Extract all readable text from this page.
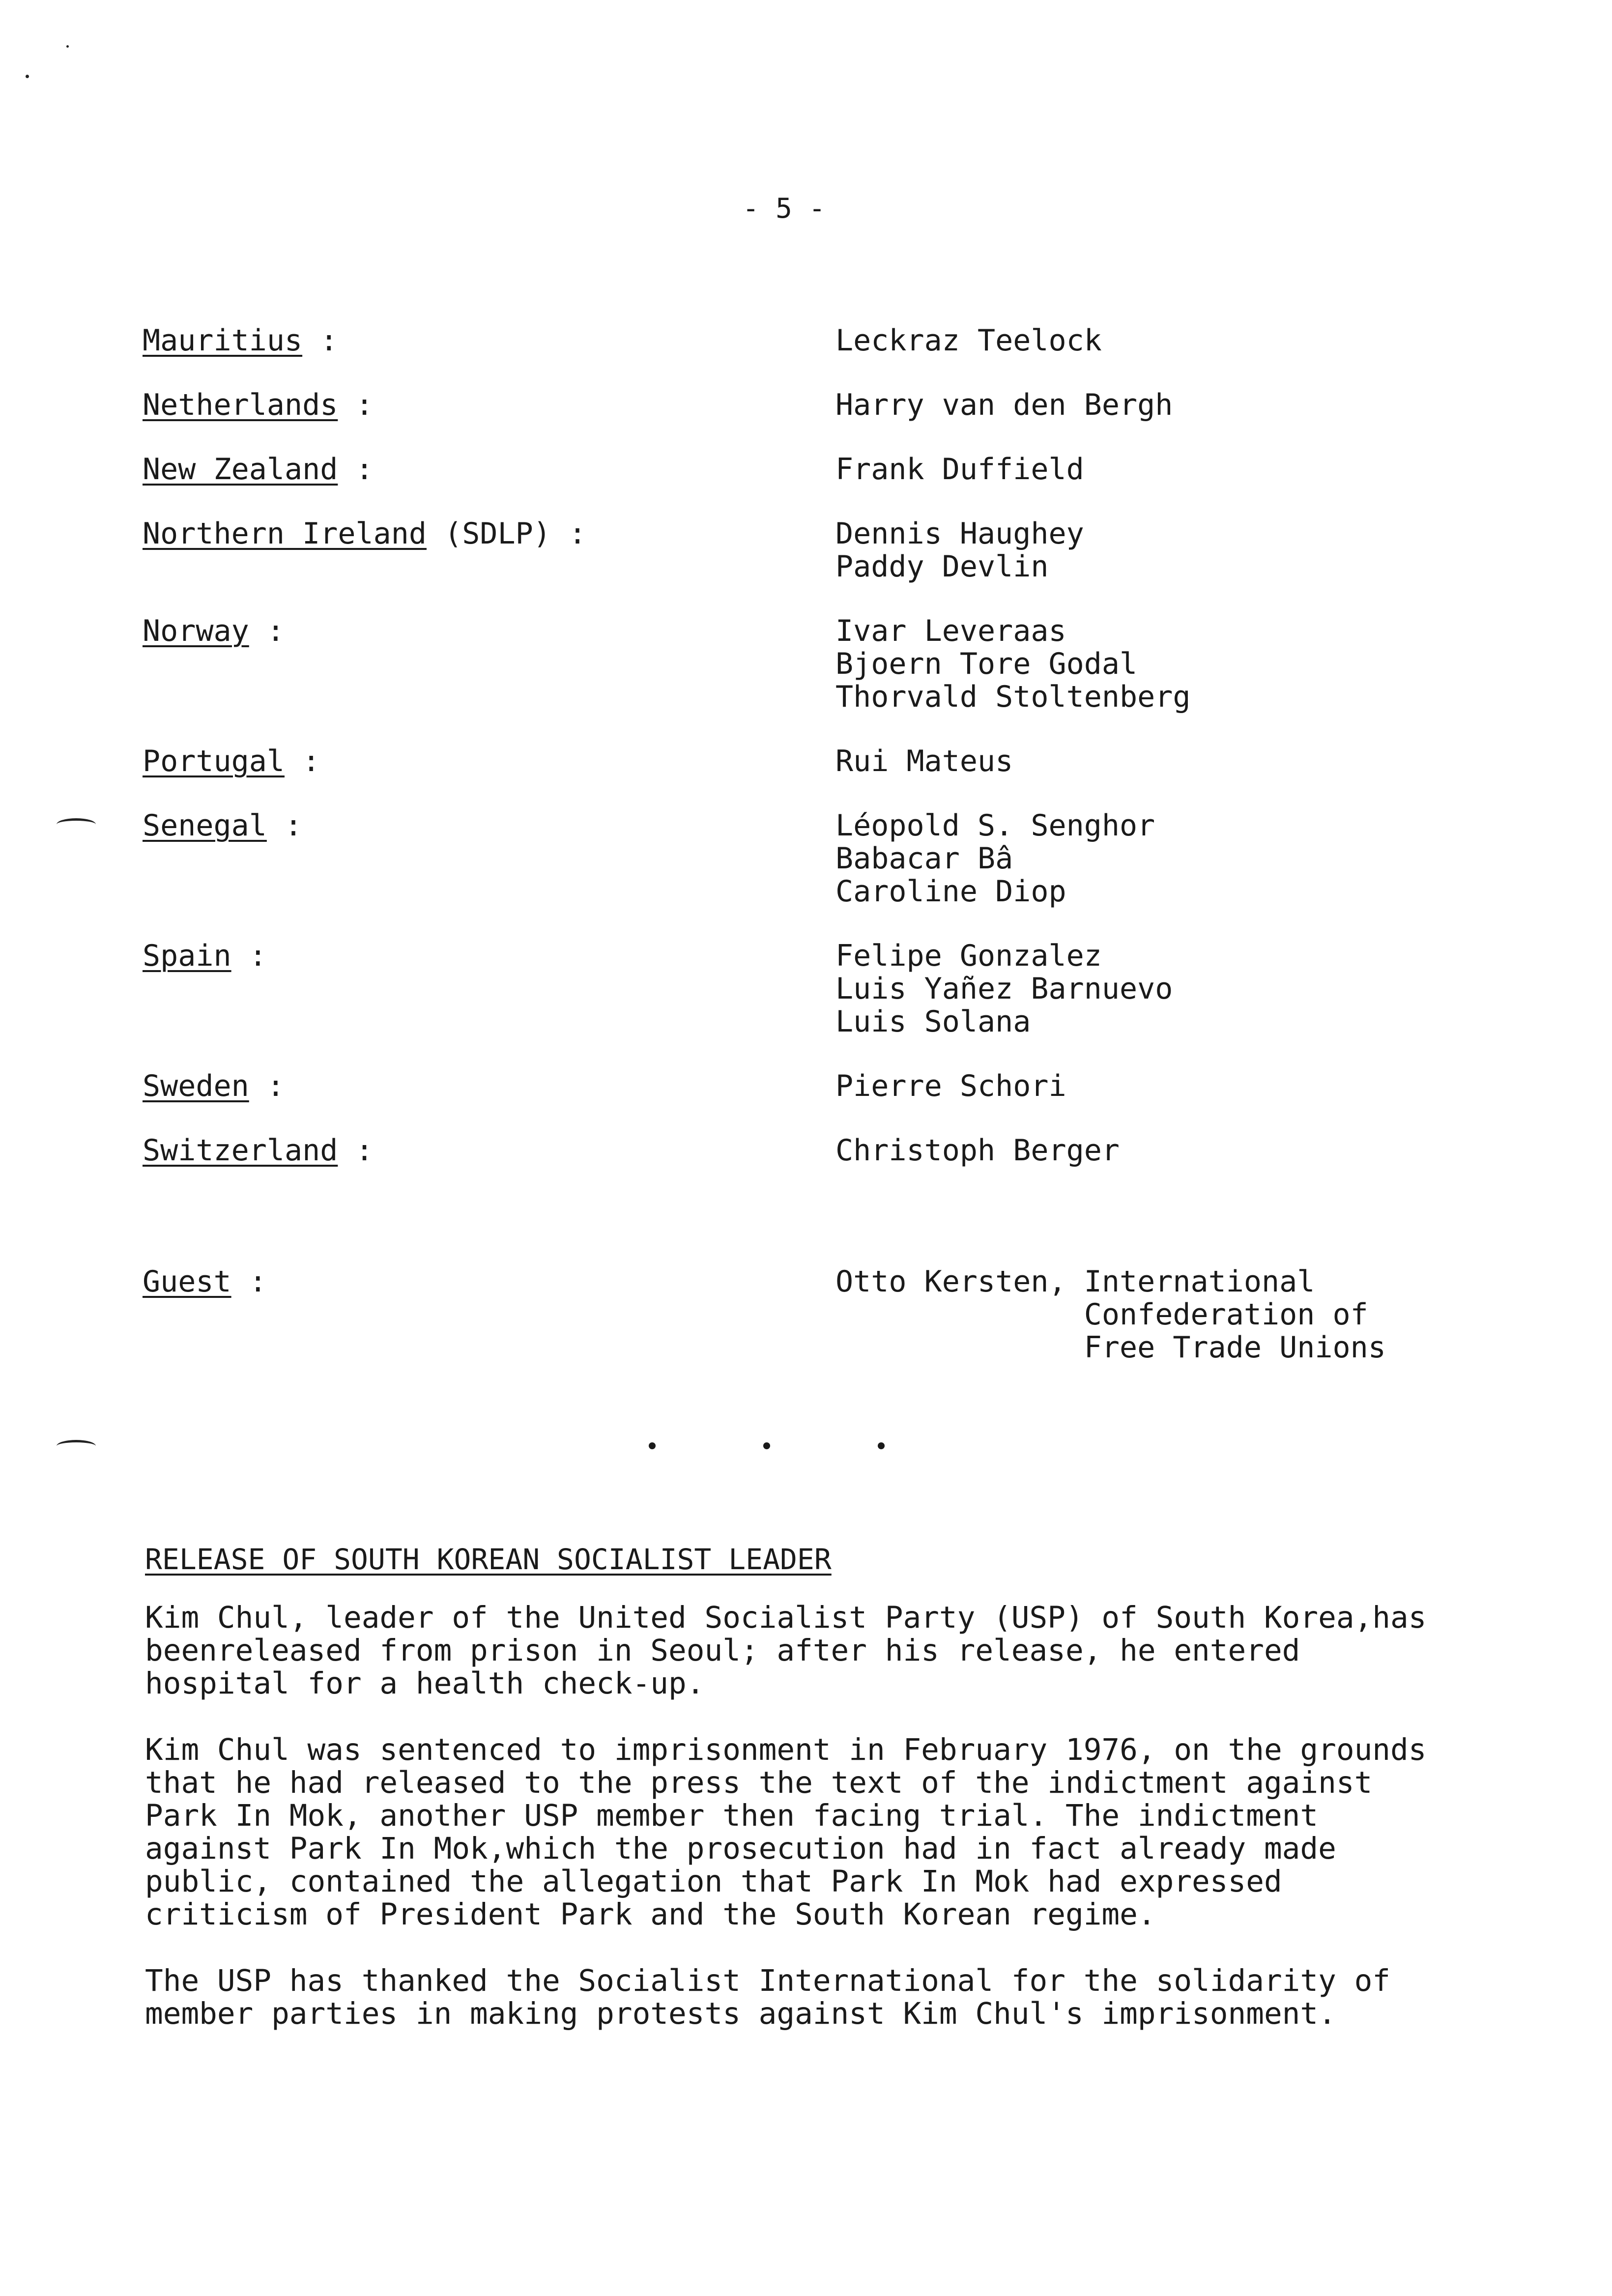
- 5 -
Mauritius :	Leckraz Teelock
Netherlands :	Harry van den Bergh
New Zealand :	Frank Duffield
Northern Ireland (SDLP) :	Dennis Haughey
Paddy Devlin
Norway :	Ivar Leveraas
Bjoern Tore Godal
Thorvald Stoltenberg
Portugal :	Rui Mateus
Senegal :	Léopold S. Senghor
Babacar Bâ
Caroline Diop
Spain :	Felipe Gonzalez
Luis Yañez Barnuevo
Luis Solana
Sweden :	Pierre Schori
Switzerland :	Christoph Berger
Guest :	Otto Kersten, International
Confederation of
Free Trade Unions
RELEASE OF SOUTH KOREAN SOCIALIST LEADER

Kim Chul, leader of the United Socialist Party (USP) of South Korea,has
beenreleased from prison in Seoul; after his release, he entered
hospital for a health check-up.

Kim Chul was sentenced to imprisonment in February 1976, on the grounds
that he had released to the press the text of the indictment against
Park In Mok, another USP member then facing trial. The indictment
against Park In Mok,which the prosecution had in fact already made
public, contained the allegation that Park In Mok had expressed
criticism of President Park and the South Korean regime.

The USP has thanked the Socialist International for the solidarity of
member parties in making protests against Kim Chul's imprisonment.
